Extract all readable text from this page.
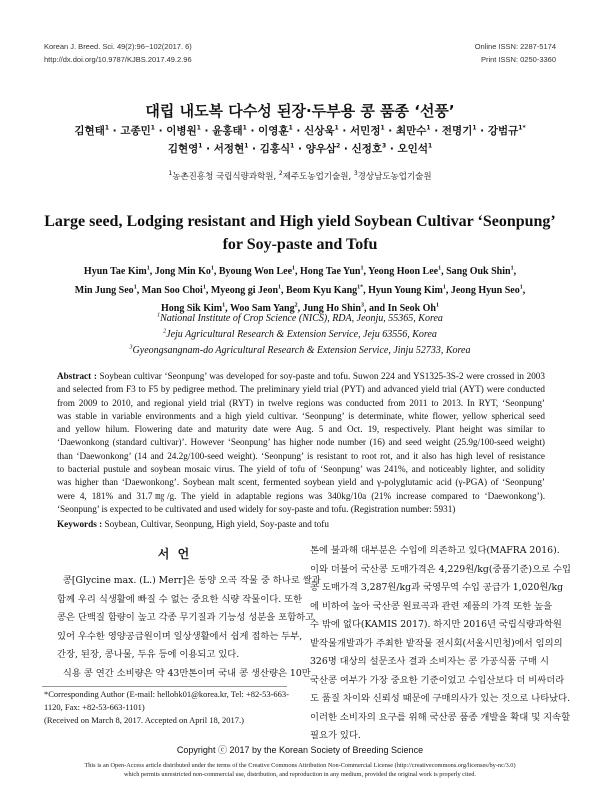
Korean J. Breed. Sci. 49(2):96~102(2017. 6)
http://dx.doi.org/10.9787/KJBS.2017.49.2.96
Online ISSN: 2287-5174
Print ISSN: 0250-3360
대립 내도복 다수성 된장·두부용 콩 품종 ‘선풍’
김현태$^1$ · 고종민$^1$ · 이병원$^1$ · 윤홍태$^1$ · 이영훈$^1$ · 신상욱$^1$ · 서민정$^1$ · 최만수$^1$ · 전명기$^1$ · 강범규$^{1*}$
김현영$^1$ · 서정현$^1$ · 김홍식$^1$ · 양우삼$^2$ · 신정호$^3$ · 오인석$^1$
$^1$농촌진흥청 국립식량과학원, $^2$제주도농업기술원, $^3$경상남도농업기술원
Large seed, Lodging resistant and High yield Soybean Cultivar ‘Seonpung’
for Soy-paste and Tofu
Hyun Tae Kim$^1$, Jong Min Ko$^1$, Byoung Won Lee$^1$, Hong Tae Yun$^1$, Yeong Hoon Lee$^1$, Sang Ouk Shin$^1$,
Min Jung Seo$^1$, Man Soo Choi$^1$, Myeong gi Jeon$^1$, Beom Kyu Kang$^{1*}$, Hyun Young Kim$^1$, Jeong Hyun Seo$^1$,
Hong Sik Kim$^1$, Woo Sam Yang$^2$, Jung Ho Shin$^3$, and In Seok Oh$^1$
$^1$National Institute of Crop Science (NICS), RDA, Jeonju, 55365, Korea
$^2$Jeju Agricultural Research & Extension Service, Jeju 63556, Korea
$^3$Gyeongsangnam-do Agricultural Research & Extension Service, Jinju 52733, Korea
Abstract : Soybean cultivar ‘Seonpung’ was developed for soy-paste and tofu. Suwon 224 and YS1325-3S-2 were crossed in 2003
and selected from F3 to F5 by pedigree method. The preliminary yield trial (PYT) and advanced yield trial (AYT) were conducted
from 2009 to 2010, and regional yield trial (RYT) in twelve regions was conducted from 2011 to 2013. In RYT, ‘Seonpung’
was stable in variable environments and a high yield cultivar. ‘Seonpung’ is determinate, white flower, yellow spherical seed
and yellow hilum. Flowering date and maturity date were Aug. 5 and Oct. 19, respectively. Plant height was similar to
‘Daewonkong (standard cultivar)’. However ‘Seonpung’ has higher node number (16) and seed weight (25.9g/100-seed weight)
than ‘Daewonkong’ (14 and 24.2g/100-seed weight). ‘Seonpung’ is resistant to root rot, and it also has high level of resistance
to bacterial pustule and soybean mosaic virus. The yield of tofu of ‘Seonpung’ was 241%, and noticeably lighter, and solidity
was higher than ‘Daewonkong’. Soybean malt scent, fermented soybean yield and γ-polyglutamic acid (γ-PGA) of ‘Seonpung’
were 4, 181% and 31.7㎎/g. The yield in adaptable regions was 340kg/10a (21% increase compared to ‘Daewonkong’).
‘Seonpung’ is expected to be cultivated and used widely for soy-paste and tofu. (Registration number: 5931)
Keywords : Soybean, Cultivar, Seonpung, High yield, Soy-paste and tofu
서  언
콩[Glycine max. (L.) Merr]은 동양 오곡 작물 중 하나로 쌀과
함께 우리 식생활에 빠질 수 없는 중요한 식량 작물이다. 또한
콩은 단백질 함량이 높고 각종 무기질과 기능성 성분을 포함하고
있어 우수한 영양공급원이며 일상생활에서 쉽게 접하는 두부,
간장, 된장, 콩나물, 두유 등에 이용되고 있다.
식용 콩 연간 소비량은 약 43만톤이며 국내 콩 생산량은 10만
톤에 불과해 대부분은 수입에 의존하고 있다(MAFRA 2016).
이와 더불어 국산콩 도매가격은 4,229원/kg(중품기준)으로 수입
콩 도매가격 3,287원/kg과 국영무역 수입 공급가 1,020원/kg
에 비하여 높아 국산콩 원료곡과 관련 제품의 가격 또한 높을
수 밖에 없다(KAMIS 2017). 하지만 2016년 국립식량과학원
밭작물개발과가 주최한 밭작물 전시회(서울시민청)에서 임의의
326명 대상의 설문조사 결과 소비자는 콩 가공식품 구매 시
국산콩 여부가 가장 중요한 기준이었고 수입산보다 더 비싸더라
도 품질 차이와 신뢰성 때문에 구매의사가 있는 것으로 나타났다.
이러한 소비자의 요구를 위해 국산콩 품종 개발을 확대 및 지속할
필요가 있다.
*Corresponding Author (E-mail: hellobk01@korea.kr, Tel: +82-53-663-1120, Fax: +82-53-663-1101)
(Received on March 8, 2017. Accepted on April 18, 2017.)
Copyright ⓒ 2017 by the Korean Society of Breeding Science
This is an Open-Access article distributed under the terms of the Creative Commons Attribution Non-Commercial License (http://creativecommons.org/licenses/by-nc/3.0)
which permits unrestricted non-commercial use, distribution, and reproduction in any medium, provided the original work is properly cited.
